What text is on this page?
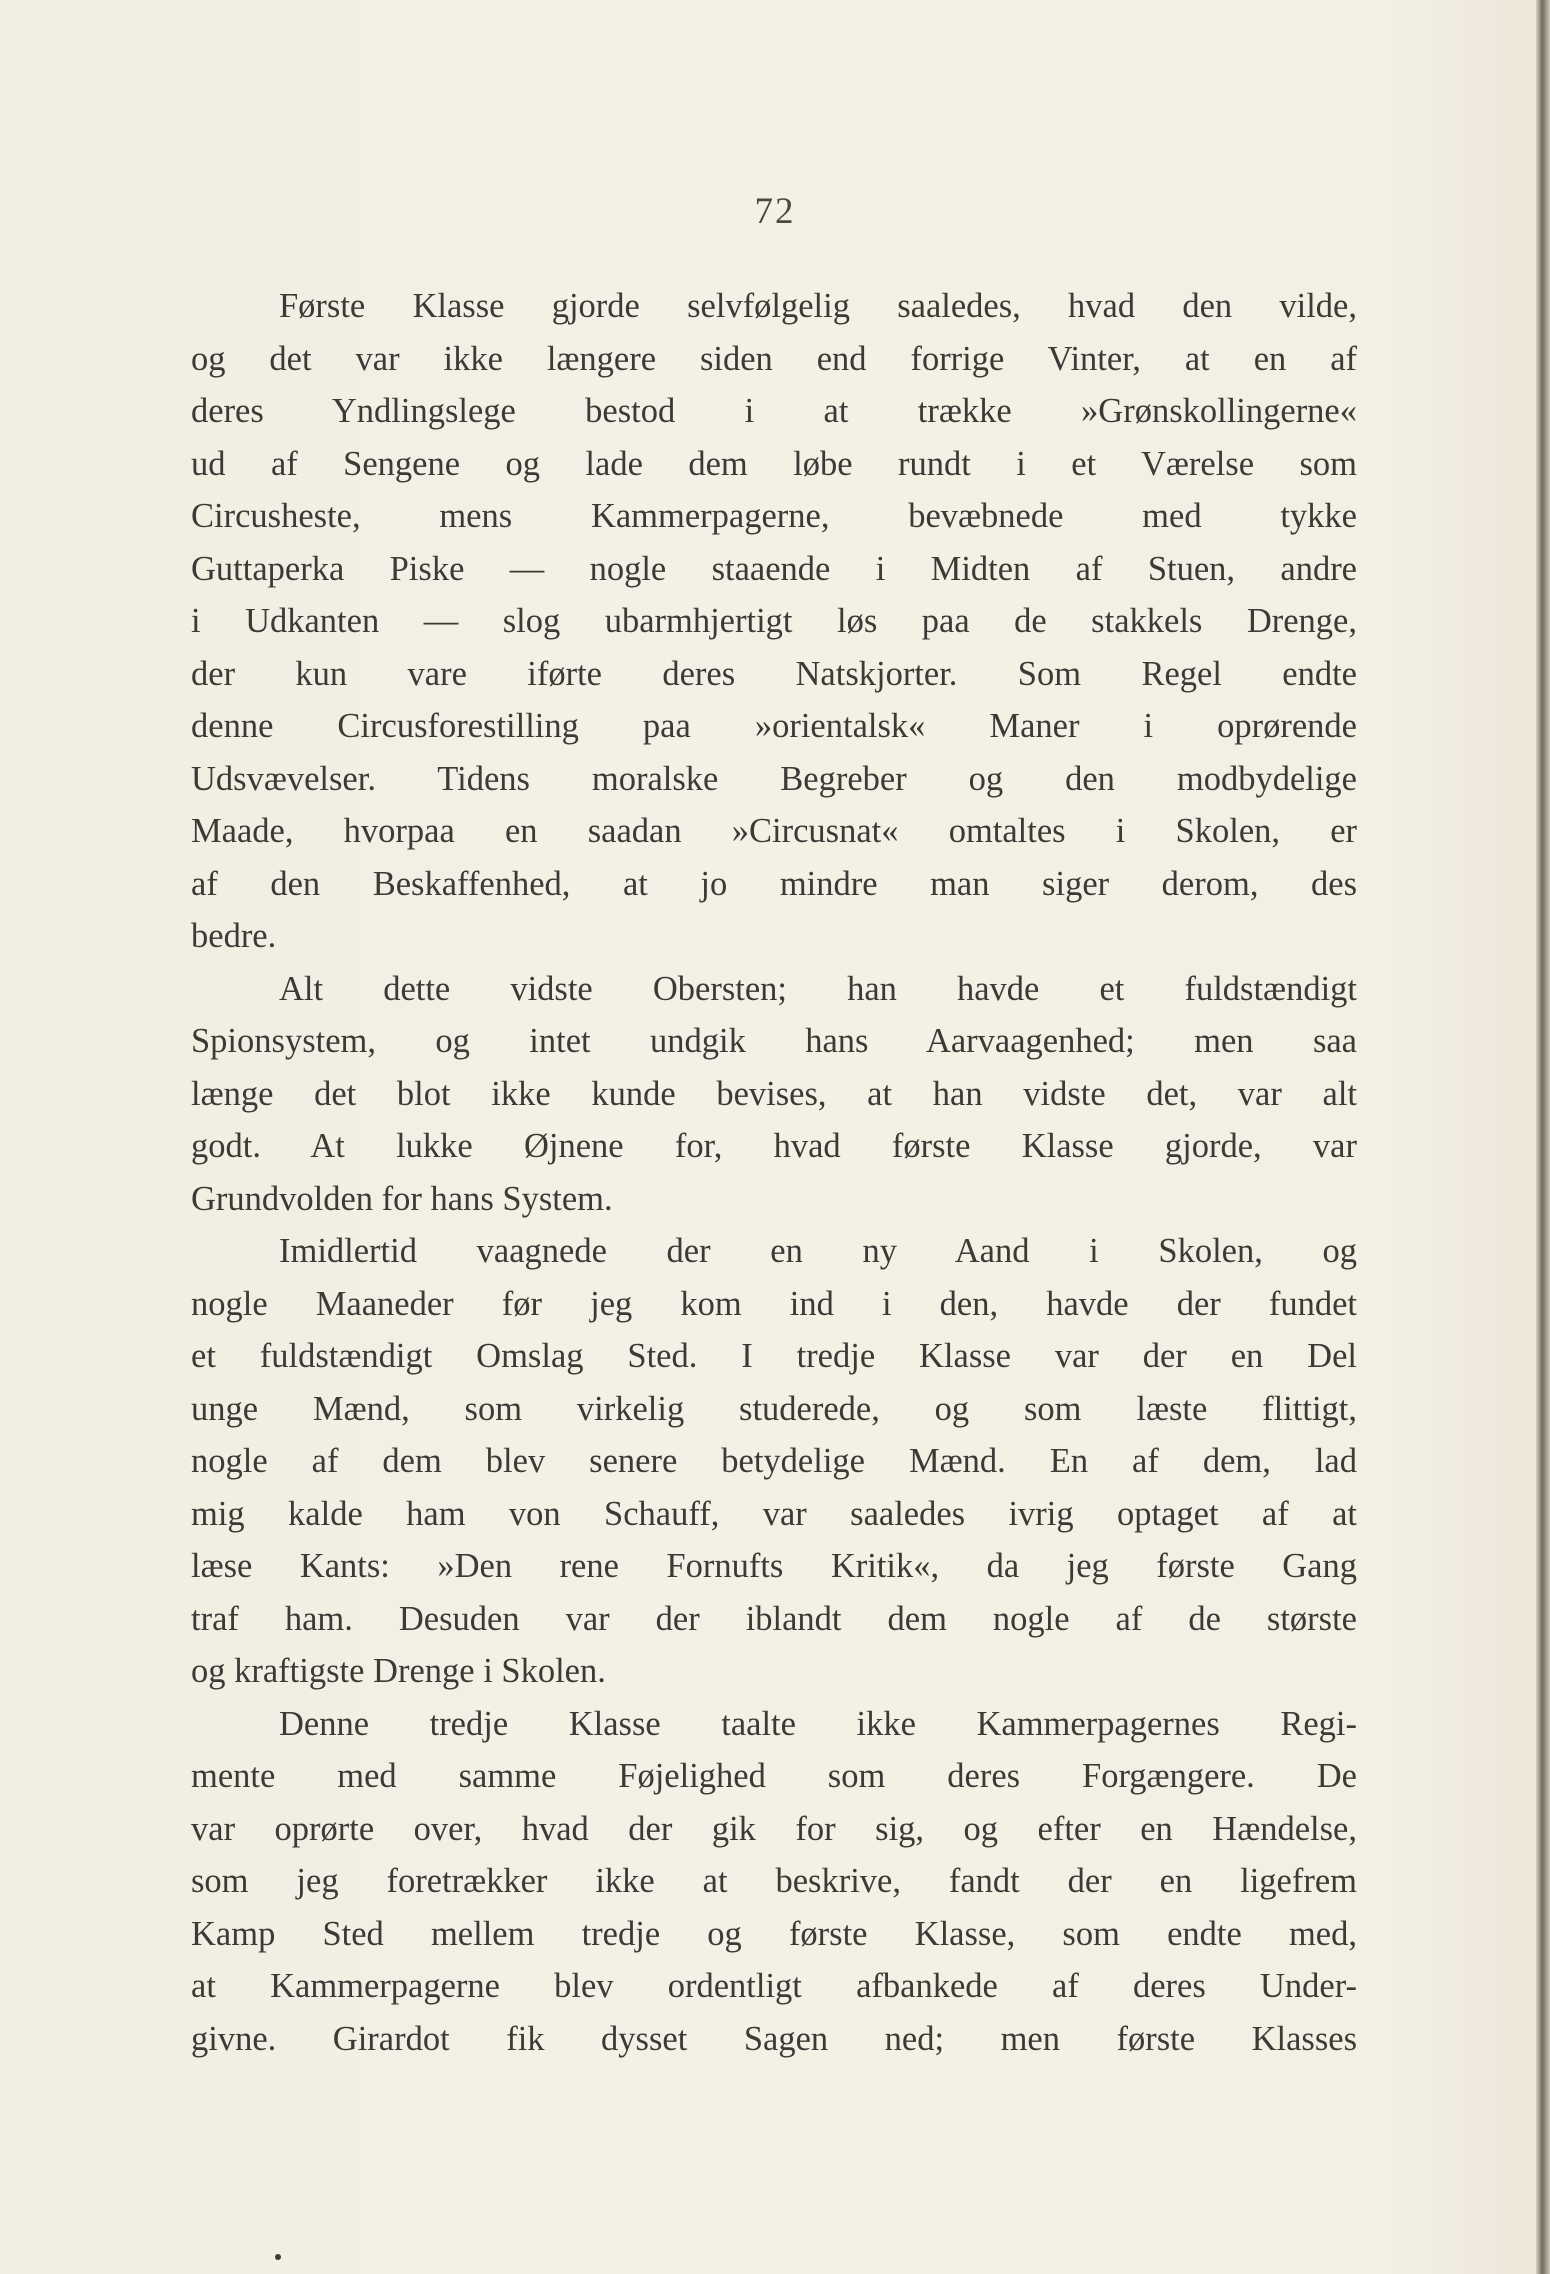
72
Første Klasse gjorde selvfølgelig saaledes, hvad den vilde,
og det var ikke længere siden end forrige Vinter, at en af
deres Yndlingslege bestod i at trække »Grønskollingerne«
ud af Sengene og lade dem løbe rundt i et Værelse som
Circusheste, mens Kammerpagerne, bevæbnede med tykke
Guttaperka Piske — nogle staaende i Midten af Stuen, andre
i Udkanten — slog ubarmhjertigt løs paa de stakkels Drenge,
der kun vare iførte deres Natskjorter. Som Regel endte
denne Circusforestilling paa »orientalsk« Maner i oprørende
Udsvævelser. Tidens moralske Begreber og den modbydelige
Maade, hvorpaa en saadan »Circusnat« omtaltes i Skolen, er
af den Beskaffenhed, at jo mindre man siger derom, des
bedre.
Alt dette vidste Obersten; han havde et fuldstændigt
Spionsystem, og intet undgik hans Aarvaagenhed; men saa
længe det blot ikke kunde bevises, at han vidste det, var alt
godt. At lukke Øjnene for, hvad første Klasse gjorde, var
Grundvolden for hans System.
Imidlertid vaagnede der en ny Aand i Skolen, og
nogle Maaneder før jeg kom ind i den, havde der fundet
et fuldstændigt Omslag Sted. I tredje Klasse var der en Del
unge Mænd, som virkelig studerede, og som læste flittigt,
nogle af dem blev senere betydelige Mænd. En af dem, lad
mig kalde ham von Schauff, var saaledes ivrig optaget af at
læse Kants: »Den rene Fornufts Kritik«, da jeg første Gang
traf ham. Desuden var der iblandt dem nogle af de største
og kraftigste Drenge i Skolen.
Denne tredje Klasse taalte ikke Kammerpagernes Regi-
mente med samme Føjelighed som deres Forgængere. De
var oprørte over, hvad der gik for sig, og efter en Hændelse,
som jeg foretrækker ikke at beskrive, fandt der en ligefrem
Kamp Sted mellem tredje og første Klasse, som endte med,
at Kammerpagerne blev ordentligt afbankede af deres Under-
givne. Girardot fik dysset Sagen ned; men første Klasses
